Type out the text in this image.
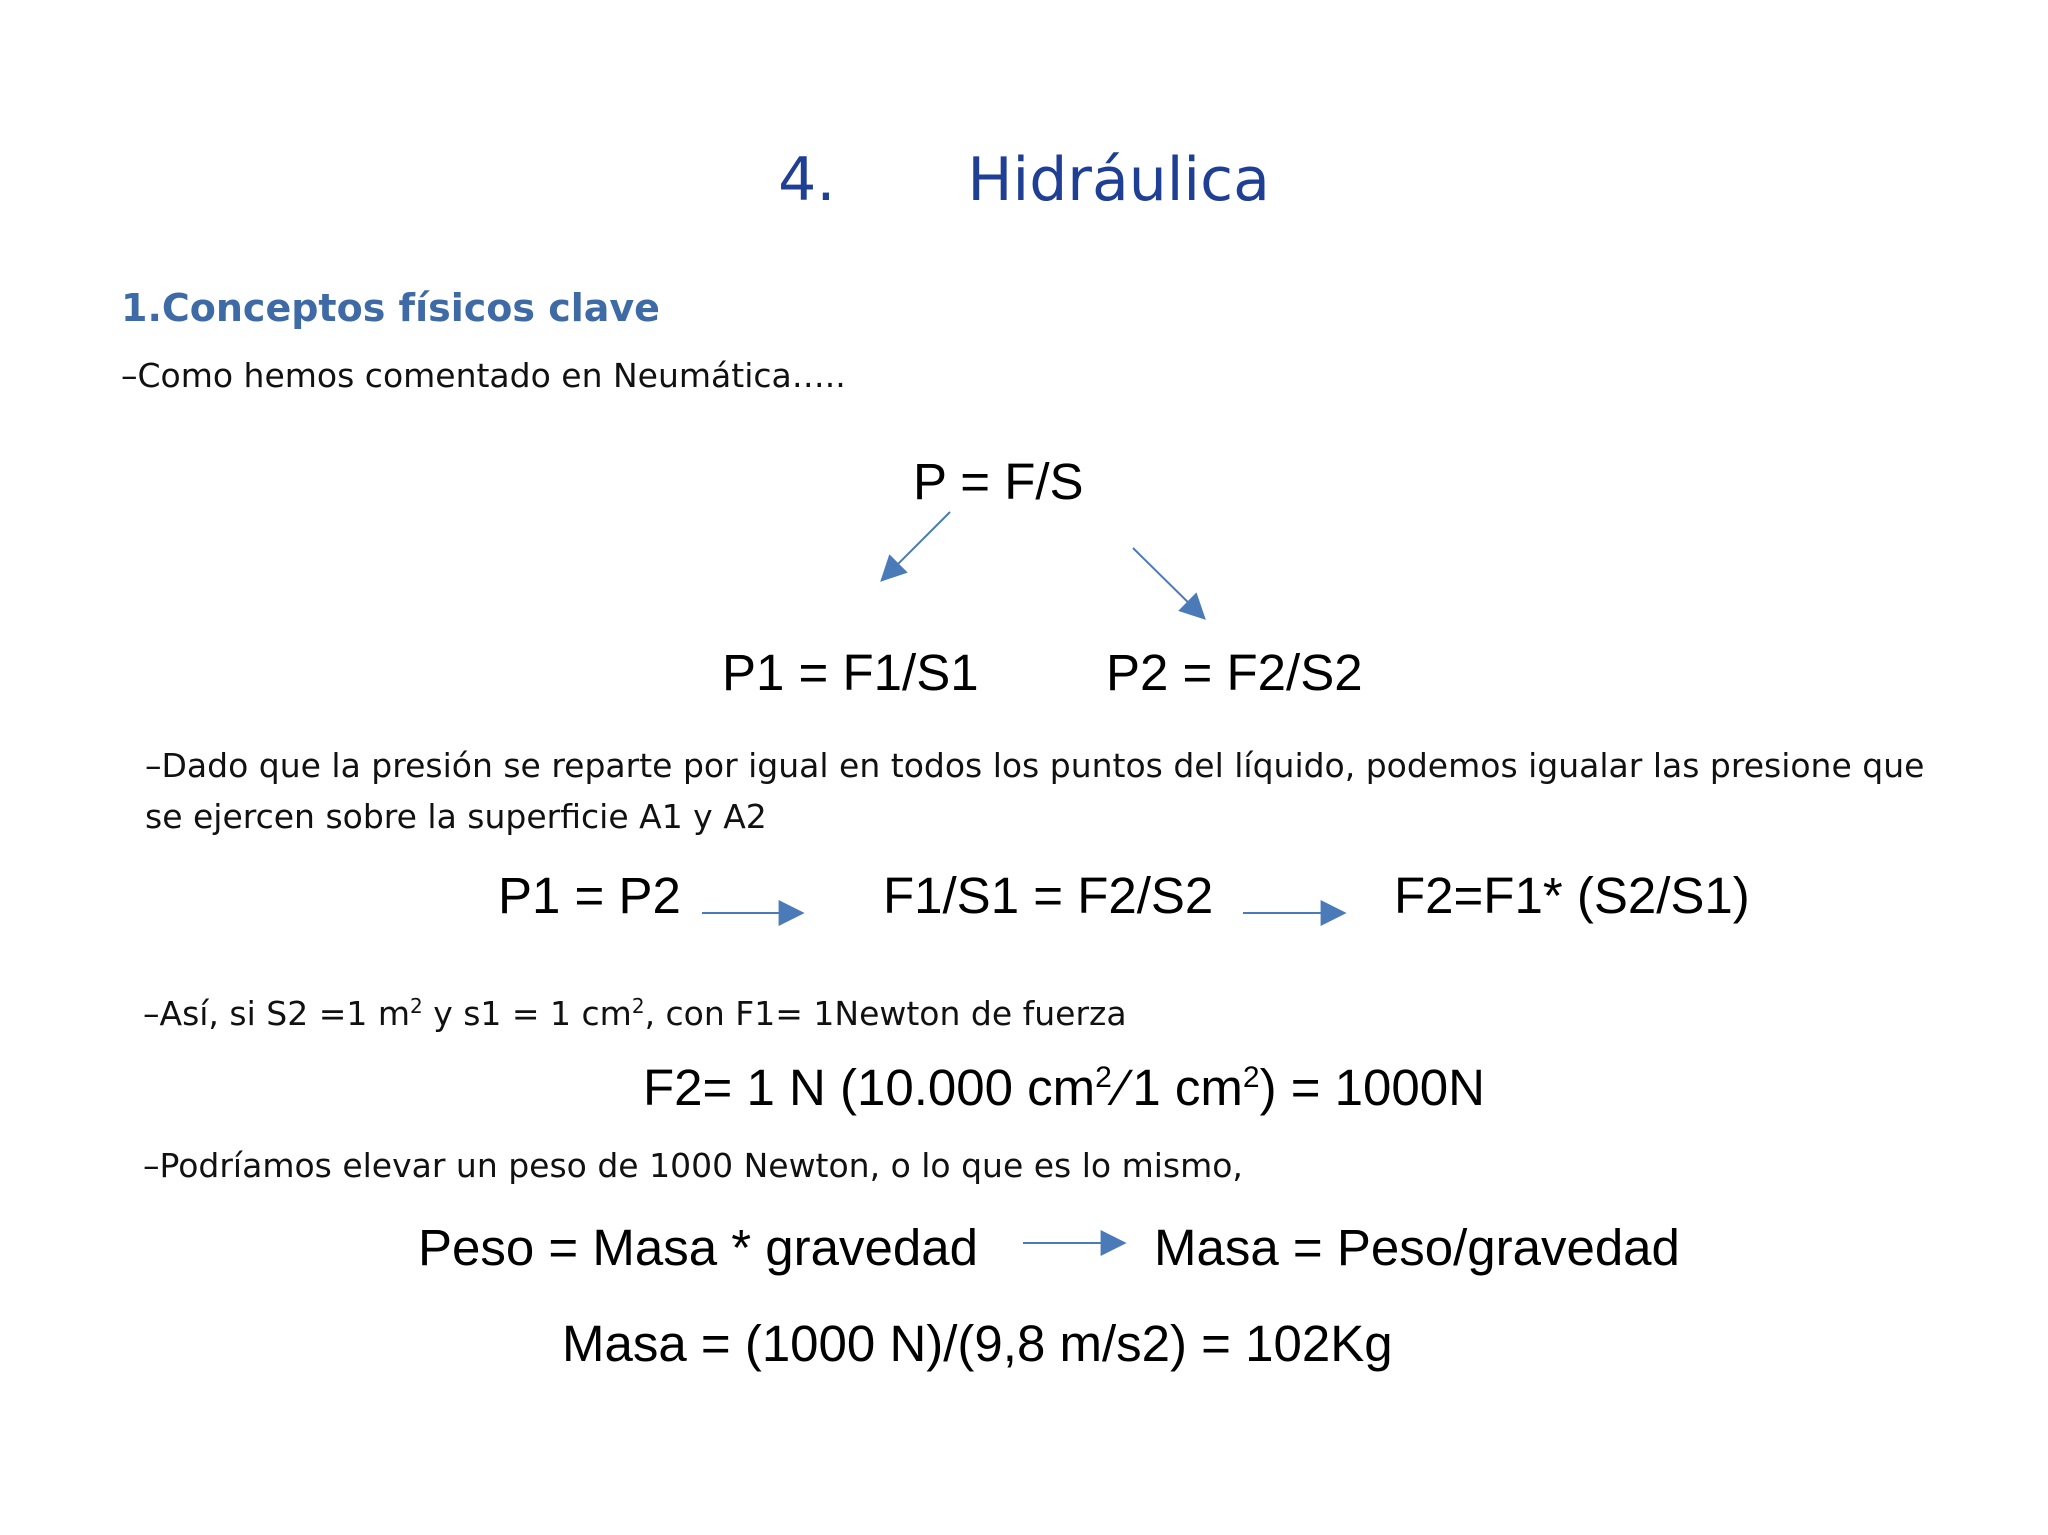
4. Hidráulica
1.Conceptos físicos clave
–Como hemos comentado en Neumática…..
P = F/S
P1 = F1/S1 P2 = F2/S2
–Dado que la presión se reparte por igual en todos los puntos del líquido, podemos igualar las presione que se ejercen sobre la superficie A1 y A2
P1 = P2	F1/S1 = F2/S2	F2=F1* (S2/S1)
–Así, si S2 =1 $m^2$ y s1 = 1 $cm^2$, con F1= 1Newton de fuerza
F2= 1 N (10.000 $cm^2$ ⁄ 1 $cm^2) = 1000N$
–Podríamos elevar un peso de 1000 Newton, o lo que es lo mismo,
Peso = Masa * gravedad	Masa = Peso/gravedad
Masa = (1000 N)/(9,8 m/s2) = 102Kg
